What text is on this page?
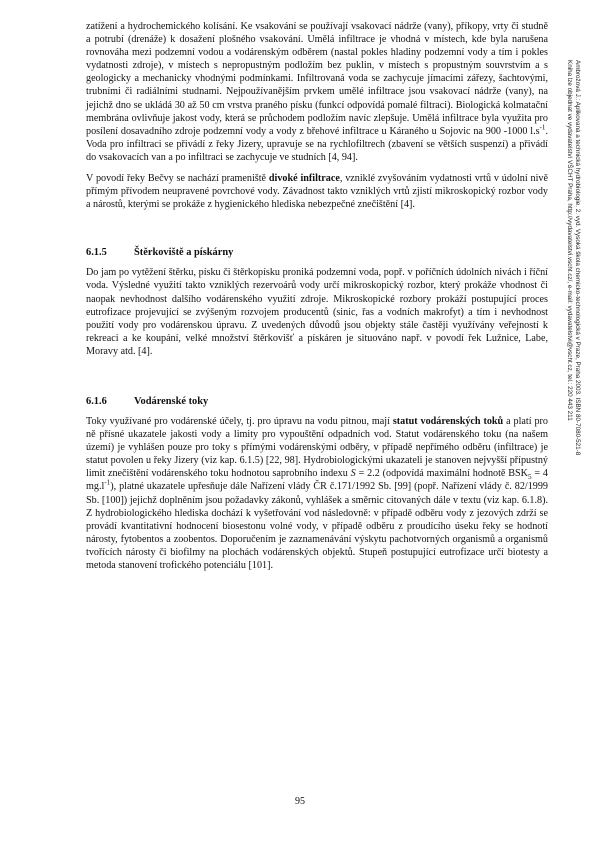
zatížení a hydrochemického kolísání. Ke vsakování se používají vsakovací nádrže (vany), příkopy, vrty či studně a potrubí (drenáže) k dosažení plošného vsakování. Umělá infiltrace je vhodná v místech, kde byla narušena rovnováha mezi podzemní vodou a vodárenským odběrem (nastal pokles hladiny podzemní vody a tím i pokles vydatnosti zdroje), v místech s nepropustným podložím bez puklin, v místech s propustným souvrstvím a s geologicky a mechanicky vhodnými podmínkami. Infiltrovaná voda se zachycuje jímacími zářezy, šachtovými, trubními či radiálními studnami. Nejpoužívanějším prvkem umělé infiltrace jsou vsakovací nádrže (vany), na jejichž dno se ukládá 30 až 50 cm vrstva praného písku (funkcí odpovídá pomalé filtraci). Biologická kolmatační membrána ovlivňuje jakost vody, která se průchodem podložím navíc zlepšuje. Umělá infiltrace byla využita pro posílení dosavadního zdroje podzemní vody a vody z břehové infiltrace u Káraného u Sojovic na 900 -1000 $l.s^{-1}$. Voda pro infiltraci se přivádí z řeky Jizery, upravuje se na rychlofiltrech (zbavení se větších suspenzí) a přivádí do vsakovacích van a po infiltraci se zachycuje ve studních [4, 94].

V povodí řeky Bečvy se nachází prameniště divoké infiltrace, vzniklé zvyšováním vydatnosti vrtů v údolní nivě přímým přívodem neupravené povrchové vody. Závadnost takto vzniklých vrtů zjistí mikroskopický rozbor vody a nárostů, kterými se prokáže z hygienického hlediska nebezpečné znečištění [4].

6.1.5	Štěrkoviště a pískárny

Do jam po vytěžení štěrku, písku či štěrkopísku proniká podzemní voda, popř. v poříčních údolních nivách i říční voda. Výsledné využití takto vzniklých rezervoárů vody určí mikroskopický rozbor, který prokáže vhodnost či naopak nevhodnost dalšího vodárenského využití zdroje. Mikroskopické rozbory prokáží postupující proces eutrofizace projevující se zvýšeným rozvojem producentů (sinic, řas a vodních makrofyt) a tím i nevhodnost použití vody pro vodárenskou úpravu. Z uvedených důvodů jsou objekty stále častěji využívány veřejností k rekreaci a ke koupání, velké množství štěrkovišť a pískáren je situováno např. v povodí řek Lužnice, Labe, Moravy atd. [4].

6.1.6	Vodárenské toky

Toky využívané pro vodárenské účely, tj. pro úpravu na vodu pitnou, mají statut vodárenských toků a platí pro ně přísné ukazatele jakosti vody a limity pro vypouštění odpadních vod. Statut vodárenského toku (na našem území) je vyhlášen pouze pro toky s přímými vodárenskými odběry, v případě nepřímého odběru (infiltrace) je statut povolen u řeky Jizery (viz kap. 6.1.5) [22, 98]. Hydrobiologickými ukazateli je stanoven nejvyšší přípustný limit znečištění vodárenského toku hodnotou saprobního indexu S = 2.2 (odpovídá maximální hodnotě $BSK_5 = 4$ $mg.l^{-1}$), platné ukazatele upřesňuje dále Nařízení vlády ČR č.171/1992 Sb. [99] (popř. Nařízení vlády č. 82/1999 Sb. [100]) jejichž doplněním jsou požadavky zákonů, vyhlášek a směrnic citovaných dále v textu (viz kap. 6.1.8). Z hydrobiologického hlediska dochází k vyšetřování vod následovně: v případě odběru vody z jezových zdrží se provádí kvantitativní hodnocení biosestonu volné vody, v případě odběru z proudícího úseku řeky se hodnotí nárosty, fytobentos a zoobentos. Doporučením je zaznamenávání výskytu pachotvorných organismů a organismů tvořících nárosty či biofilmy na plochách vodárenských objektů. Stupeň postupující eutrofizace určí biotesty a metoda stanovení trofického potenciálu [101].

95
Ambrožová J.: Aplikovaná a technická hydrobiologie. 2. vyd. Vysoká škola chemicko-technologická v Praze, Praha 2003. ISBN 80-7080-521-8
Kniha lze objednat ve vydavatelství VŠCHT Praha, http://vydavatelstvi.vscht.cz/, e-mail: vydavatelstvi@vscht.cz, tel.: 220 443 211
